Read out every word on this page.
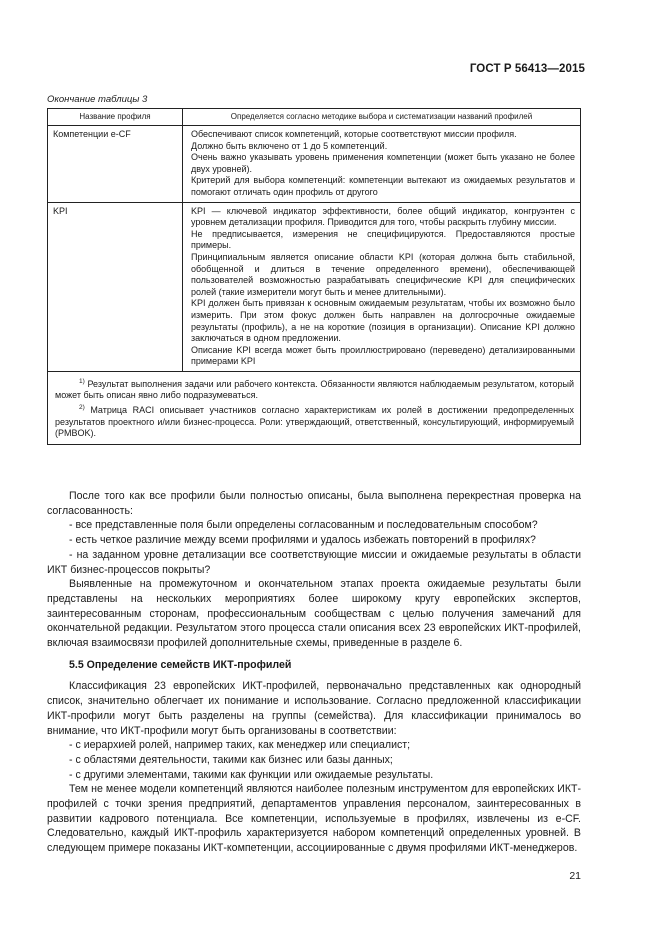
ГОСТ Р 56413—2015
Окончание таблицы 3
Название профиля	Определяется согласно методике выбора и систематизации названий профилей
Компетенции e-CF	Обеспечивают список компетенций, которые соответствуют миссии профиля.

Должно быть включено от 1 до 5 компетенций.

Очень важно указывать уровень применения компетенции (может быть указано не более двух уровней).

Критерий для выбора компетенций: компетенции вытекают из ожидаемых результатов и помогают отличать один профиль от другого

KPI	KPI — ключевой индикатор эффективности, более общий индикатор, конгруэнтен с уровнем детализации профиля. Приводится для того, чтобы раскрыть глубину миссии.

Не предписывается, измерения не специфицируются. Предоставляются простые примеры.

Принципиальным является описание области KPI (которая должна быть стабильной, обобщенной и длиться в течение определенного времени), обеспечивающей пользователей возможностью разрабатывать специфические KPI для специфических ролей (такие измерители могут быть и менее длительными).

KPI должен быть привязан к основным ожидаемым результатам, чтобы их возможно было измерить. При этом фокус должен быть направлен на долгосрочные ожидаемые результаты (профиль), а не на короткие (позиция в организации). Описание KPI должно заключаться в одном предложении.

Описание KPI всегда может быть проиллюстрировано (переведено) детализированными примерами KPI

$^{1)}$ Результат выполнения задачи или рабочего контекста. Обязанности являются наблюдаемым результатом, который может быть описан явно либо подразумеваться.

$^{2)}$ Матрица RACI описывает участников согласно характеристикам их ролей в достижении предопределенных результатов проектного и/или бизнес-процесса. Роли: утверждающий, ответственный, консультирующий, информируемый (PMBOK).	

После того как все профили были полностью описаны, была выполнена перекрестная проверка на согласованность:

- все представленные поля были определены согласованным и последовательным способом?

- есть четкое различие между всеми профилями и удалось избежать повторений в профилях?

- на заданном уровне детализации все соответствующие миссии и ожидаемые результаты в области ИКТ бизнес-процессов покрыты?

Выявленные на промежуточном и окончательном этапах проекта ожидаемые результаты были представлены на нескольких мероприятиях более широкому кругу европейских экспертов, заинтересованным сторонам, профессиональным сообществам с целью получения замечаний для окончательной редакции. Результатом этого процесса стали описания всех 23 европейских ИКТ-профилей, включая взаимосвязи профилей дополнительные схемы, приведенные в разделе 6.

5.5 Определение семейств ИКТ-профилей

Классификация 23 европейских ИКТ-профилей, первоначально представленных как однородный список, значительно облегчает их понимание и использование. Согласно предложенной классификации ИКТ-профили могут быть разделены на группы (семейства). Для классификации принималось во внимание, что ИКТ-профили могут быть организованы в соответствии:

- с иерархией ролей, например таких, как менеджер или специалист;

- с областями деятельности, такими как бизнес или базы данных;

- с другими элементами, такими как функции или ожидаемые результаты.

Тем не менее модели компетенций являются наиболее полезным инструментом для европейских ИКТ-профилей с точки зрения предприятий, департаментов управления персоналом, заинтересованных в развитии кадрового потенциала. Все компетенции, используемые в профилях, извлечены из e-CF. Следовательно, каждый ИКТ-профиль характеризуется набором компетенций определенных уровней. В следующем примере показаны ИКТ-компетенции, ассоциированные с двумя профилями ИКТ-менеджеров.

21
